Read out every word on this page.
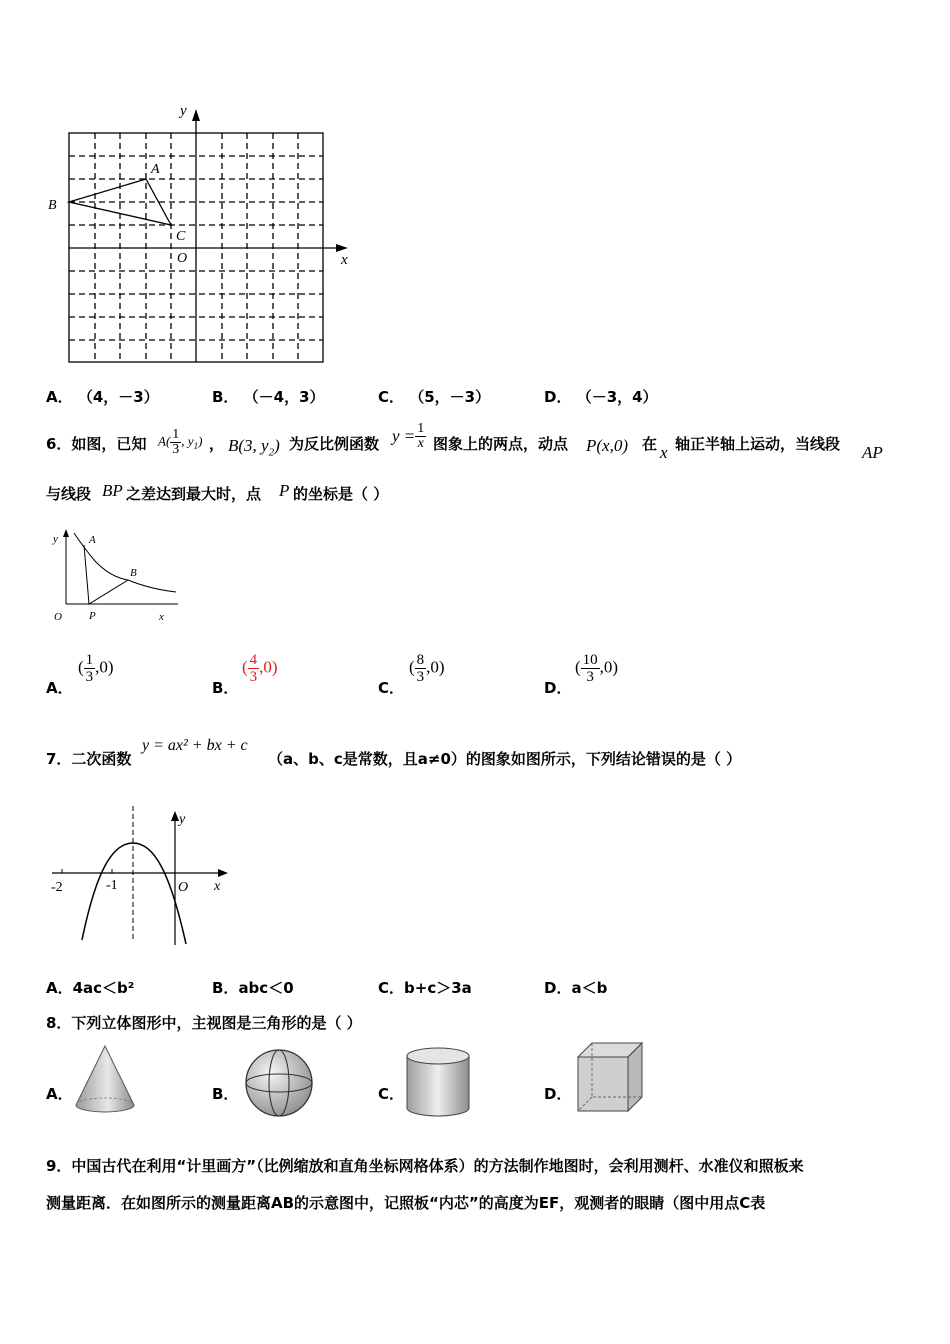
y
x
A
B
C
O
A． （4，－3）	B． （－4，3）	C． （5，－3）	D． （－3，4）
6．如图，已知 $A( \frac{1}{3}$ , $y_1$) ， B(3, $y_2$) 为反比例函数 $y = \frac{1}{x}$ 图象上的两点，动点 P(x,0) 在 x 轴正半轴上运动，当线段 AP
与线段 BP 之差达到最大时，点 P 的坐标是（ ）
y	A
B
O P	x
A．
( $\frac{1}{3} ,0$)
B．
( $\frac{4}{3} ,0$)
C．
( $\frac{8}{3} ,0$)
D．
( $\frac{10}{3} ,0$)
7．二次函数
y = ax² + bx + c
（a、b、c是常数，且a≠0）的图象如图所示，下列结论错误的是（ ）
y
x
-2	-1	O
A．4ac＜b²	B．abc＜0	C．b+c＞3a	D．a＜b
8．下列立体图形中，主视图是三角形的是（ ）
A．	B．	C．	D．
9．中国古代在利用“计里画方”（比例缩放和直角坐标网格体系）的方法制作地图时，会利用测杆、水准仪和照板来
测量距离．在如图所示的测量距离AB的示意图中，记照板“内芯”的高度为EF，观测者的眼睛（图中用点C表
